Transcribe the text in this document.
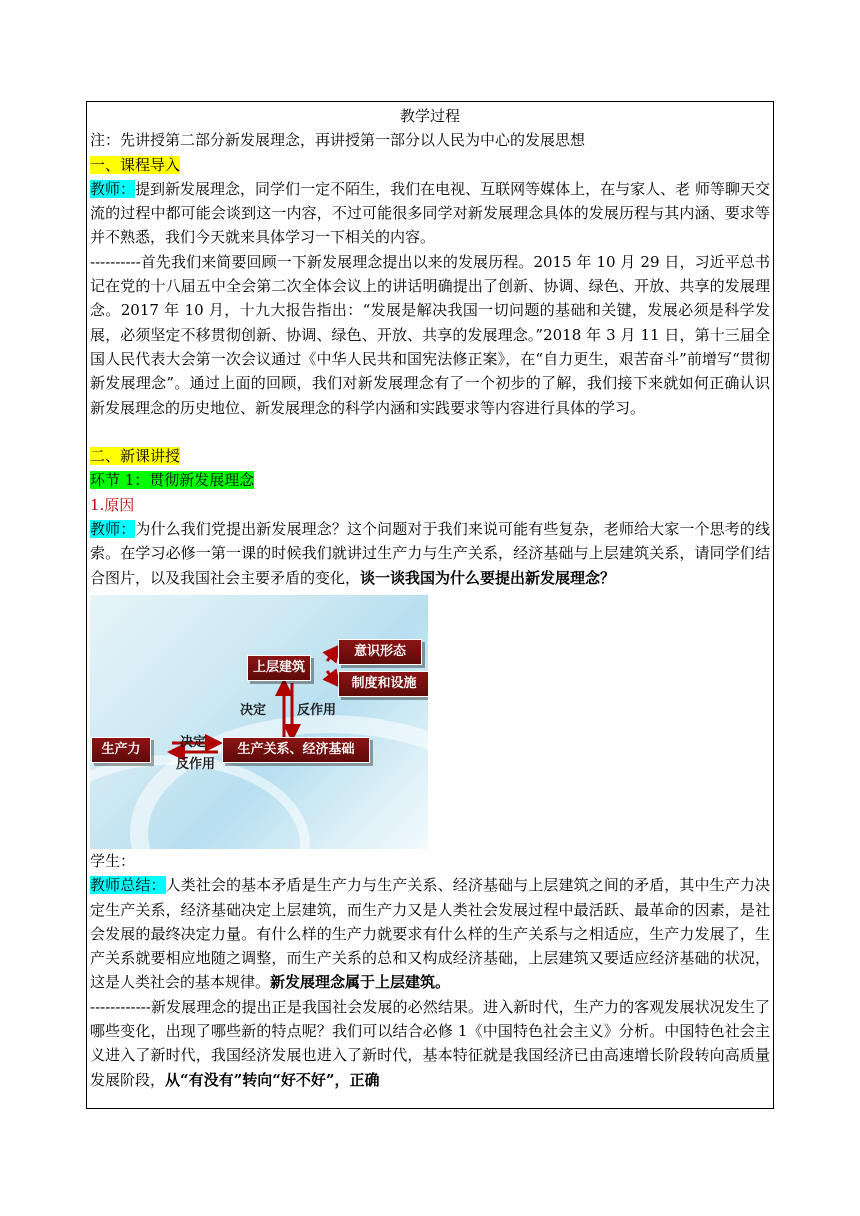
教学过程

注：先讲授第二部分新发展理念，再讲授第一部分以人民为中心的发展思想

一、课程导入

教师：提到新发展理念，同学们一定不陌生，我们在电视、互联网等媒体上，在与家人、老 师等聊天交流的过程中都可能会谈到这一内容，不过可能很多同学对新发展理念具体的发展历程与其内涵、要求等并不熟悉，我们今天就来具体学习一下相关的内容。

----------首先我们来简要回顾一下新发展理念提出以来的发展历程。2015 年 10 月 29 日，习近平总书记在党的十八届五中全会第二次全体会议上的讲话明确提出了创新、协调、绿色、开放、共享的发展理念。2017 年 10 月，十九大报告指出：“发展是解决我国一切问题的基础和关键，发展必须是科学发展，必须坚定不移贯彻创新、协调、绿色、开放、共享的发展理念。”2018 年 3 月 11 日，第十三届全国人民代表大会第一次会议通过《中华人民共和国宪法修正案》，在“自力更生，艰苦奋斗”前增写“贯彻新发展理念”。通过上面的回顾，我们对新发展理念有了一个初步的了解，我们接下来就如何正确认识新发展理念的历史地位、新发展理念的科学内涵和实践要求等内容进行具体的学习。

二、新课讲授

环节 1：贯彻新发展理念

1.原因

教师：为什么我们党提出新发展理念？这个问题对于我们来说可能有些复杂，老师给大家一个思考的线索。在学习必修一第一课的时候我们就讲过生产力与生产关系，经济基础与上层建筑关系，请同学们结合图片，以及我国社会主要矛盾的变化，谈一谈我国为什么要提出新发展理念？

上层建筑
意识形态
制度和设施
决定 反作用
生产力	决定
反作用
生产关系、经济基础

学生：

教师总结：人类社会的基本矛盾是生产力与生产关系、经济基础与上层建筑之间的矛盾，其中生产力决定生产关系，经济基础决定上层建筑，而生产力又是人类社会发展过程中最活跃、最革命的因素，是社会发展的最终决定力量。有什么样的生产力就要求有什么样的生产关系与之相适应，生产力发展了，生产关系就要相应地随之调整，而生产关系的总和又构成经济基础，上层建筑又要适应经济基础的状况，这是人类社会的基本规律。新发展理念属于上层建筑。

------------新发展理念的提出正是我国社会发展的必然结果。进入新时代，生产力的客观发展状况发生了哪些变化，出现了哪些新的特点呢？我们可以结合必修 1《中国特色社会主义》分析。中国特色社会主义进入了新时代，我国经济发展也进入了新时代，基本特征就是我国经济已由高速增长阶段转向高质量发展阶段，从“有没有”转向“好不好”，正确
